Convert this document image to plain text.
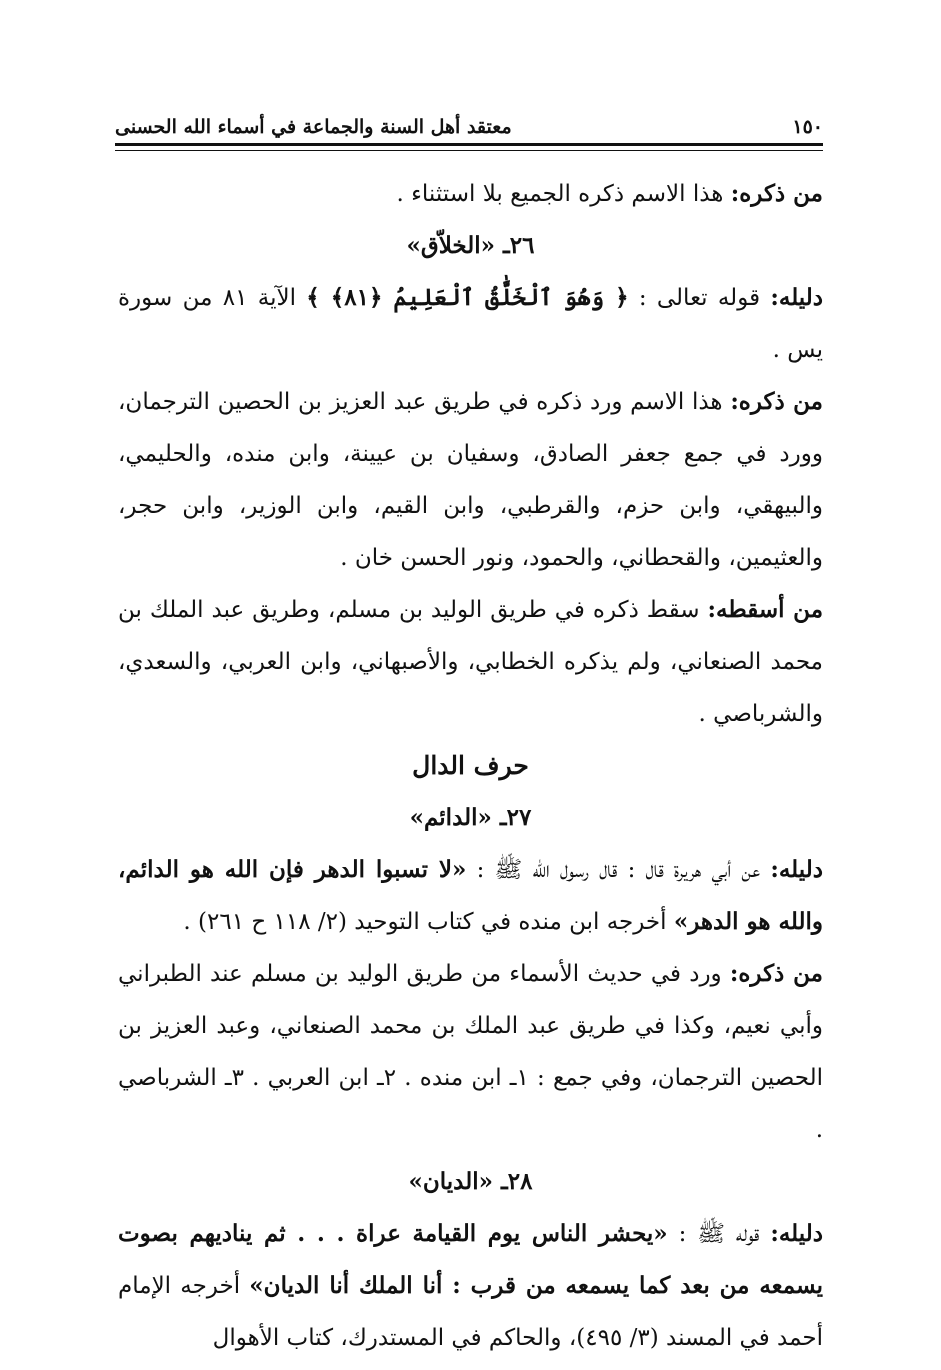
١٥٠
معتقد أهل السنة والجماعة في أسماء الله الحسنى

من ذكره: هذا الاسم ذكره الجميع بلا استثناء .

٢٦ـ «الخلاّق»

دليله: قوله تعالى : ﴿ وَهُوَ ٱلْخَلَّٰقُ ٱلْعَلِيمُ ﴿٨١﴾ ﴾ الآية ٨١ من سورة يس .

من ذكره: هذا الاسم ورد ذكره في طريق عبد العزيز بن الحصين الترجمان، وورد في جمع جعفر الصادق، وسفيان بن عيينة، وابن منده، والحليمي، والبيهقي، وابن حزم، والقرطبي، وابن القيم، وابن الوزير، وابن حجر، والعثيمين، والقحطاني، والحمود، ونور الحسن خان .

من أسقطه: سقط ذكره في طريق الوليد بن مسلم، وطريق عبد الملك بن محمد الصنعاني، ولم يذكره الخطابي، والأصبهاني، وابن العربي، والسعدي، والشرباصي .

حرف الدال

٢٧ـ «الدائم»

دليله: عن أبي هريرة قال : قال رسول الله ﷺ : «لا تسبوا الدهر فإن الله هو الدائم، والله هو الدهر» أخرجه ابن منده في كتاب التوحيد (٢/ ١١٨ ح ٢٦١) .

من ذكره: ورد في حديث الأسماء من طريق الوليد بن مسلم عند الطبراني وأبي نعيم، وكذا في طريق عبد الملك بن محمد الصنعاني، وعبد العزيز بن الحصين الترجمان، وفي جمع : ١ـ ابن منده . ٢ـ ابن العربي . ٣ـ الشرباصي .

٢٨ـ «الديان»

دليله: قوله ﷺ : «يحشر الناس يوم القيامة عراة . . . ثم يناديهم بصوت يسمعه من بعد كما يسمعه من قرب : أنا الملك أنا الديان» أخرجه الإمام أحمد في المسند (٣/ ٤٩٥)، والحاكم في المستدرك، كتاب الأهوال
